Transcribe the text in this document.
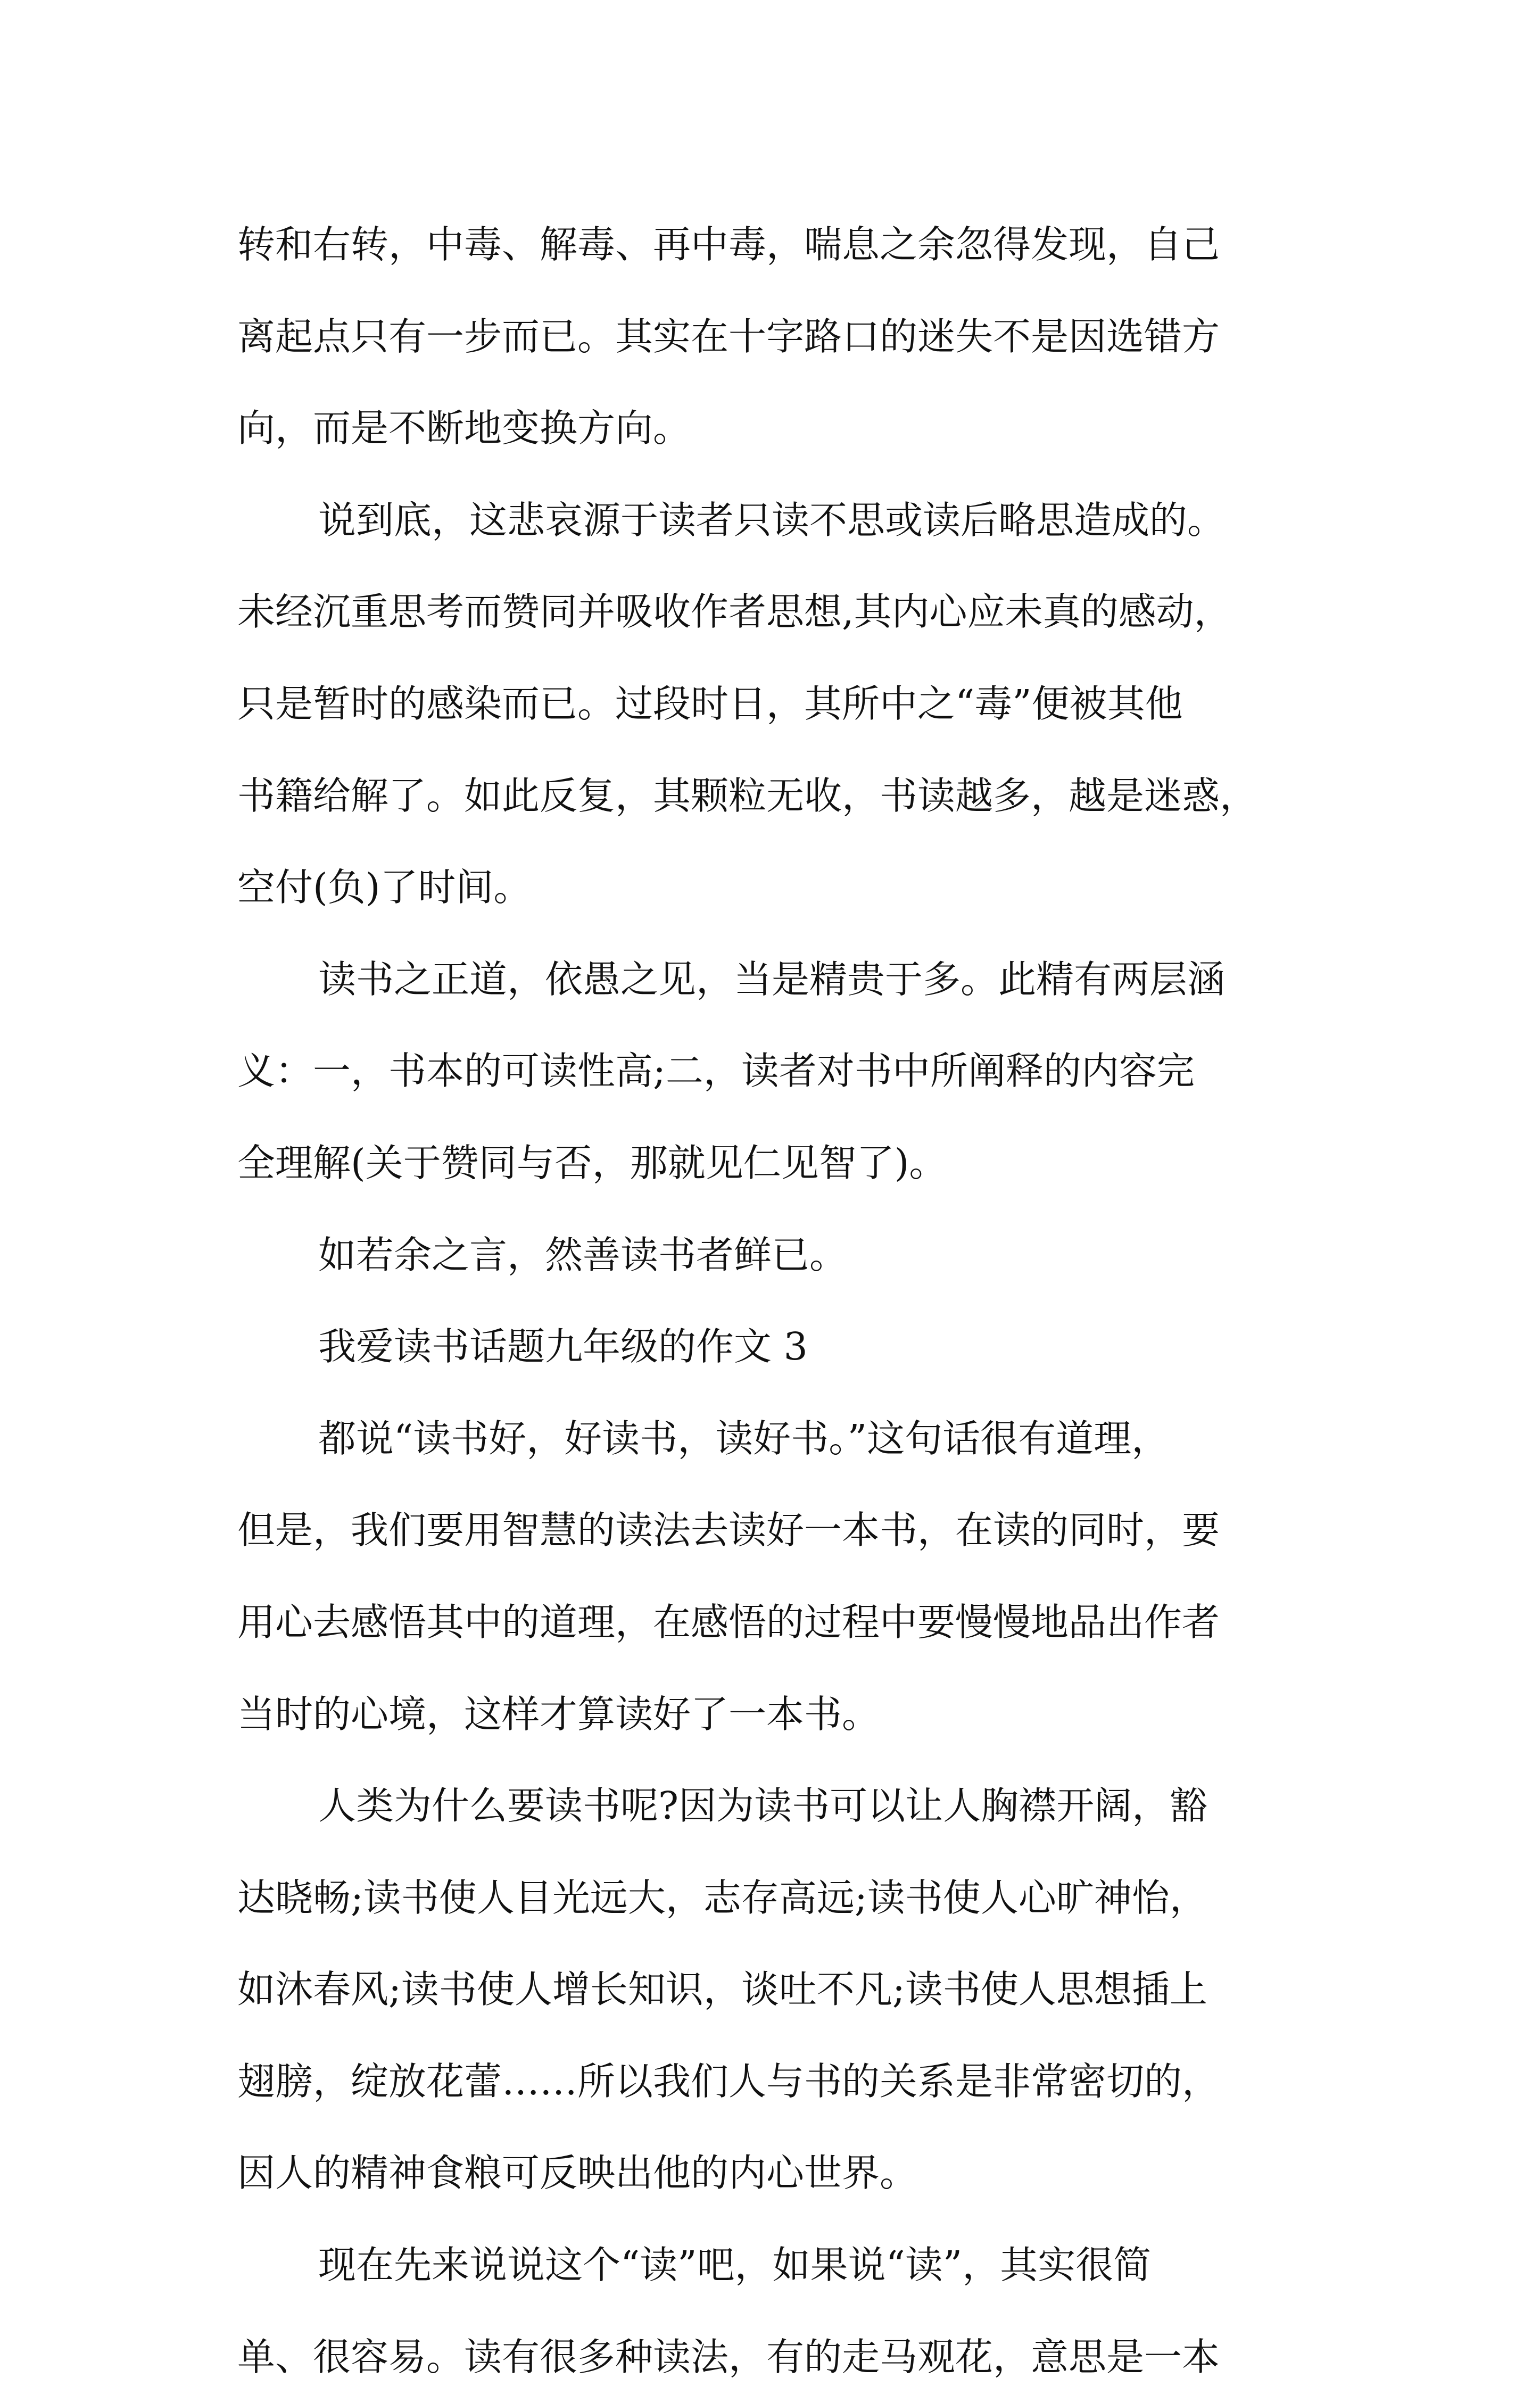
转和右转，中毒、解毒、再中毒，喘息之余忽得发现，自己
离起点只有一步而已。其实在十字路口的迷失不是因选错方
向，而是不断地变换方向。
说到底，这悲哀源于读者只读不思或读后略思造成的。
未经沉重思考而赞同并吸收作者思想,其内心应未真的感动，
只是暂时的感染而已。过段时日，其所中之“毒”便被其他
书籍给解了。如此反复，其颗粒无收，书读越多，越是迷惑，
空付(负)了时间。
读书之正道，依愚之见，当是精贵于多。此精有两层涵
义：一，书本的可读性高;二，读者对书中所阐释的内容完
全理解(关于赞同与否，那就见仁见智了)。
如若余之言，然善读书者鲜已。
我爱读书话题九年级的作文 3
都说“读书好，好读书，读好书。”这句话很有道理，
但是，我们要用智慧的读法去读好一本书，在读的同时，要
用心去感悟其中的道理，在感悟的过程中要慢慢地品出作者
当时的心境，这样才算读好了一本书。
人类为什么要读书呢?因为读书可以让人胸襟开阔，豁
达晓畅;读书使人目光远大，志存高远;读书使人心旷神怡，
如沐春风;读书使人增长知识，谈吐不凡;读书使人思想插上
翅膀，绽放花蕾……所以我们人与书的关系是非常密切的，
因人的精神食粮可反映出他的内心世界。
现在先来说说这个“读”吧，如果说“读”，其实很简
单、很容易。读有很多种读法，有的走马观花，意思是一本
